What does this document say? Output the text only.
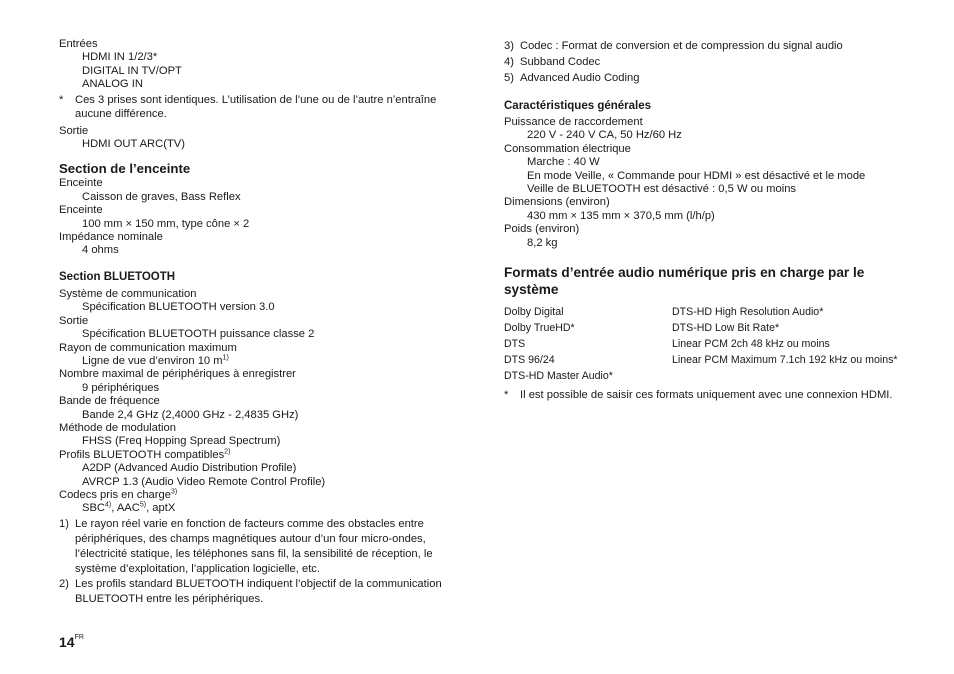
Entrées
HDMI IN 1/2/3*
DIGITAL IN TV/OPT
ANALOG IN
*	Ces 3 prises sont identiques. L’utilisation de l’une ou de l’autre n’entraîne aucune différence.
Sortie
HDMI OUT ARC(TV)
Section de l’enceinte
Enceinte
Caisson de graves, Bass Reflex
Enceinte
100 mm × 150 mm, type cône × 2
Impédance nominale
4 ohms
Section BLUETOOTH
Système de communication
Spécification BLUETOOTH version 3.0
Sortie
Spécification BLUETOOTH puissance classe 2
Rayon de communication maximum
Ligne de vue d’environ 10 $m^{1)}$
Nombre maximal de périphériques à enregistrer
9 périphériques
Bande de fréquence
Bande 2,4 GHz (2,4000 GHz - 2,4835 GHz)
Méthode de modulation
FHSS (Freq Hopping Spread Spectrum)
Profils BLUETOOTH compatibles$^{2)}$
A2DP (Advanced Audio Distribution Profile)
AVRCP 1.3 (Audio Video Remote Control Profile)
Codecs pris en charge$^{3)}$
SBC$^{4)}$, AAC$^{5)}$, aptX
1) Le rayon réel varie en fonction de facteurs comme des obstacles entre périphériques, des champs magnétiques autour d’un four micro-ondes, l’électricité statique, les téléphones sans fil, la sensibilité de réception, le système d’exploitation, l’application logicielle, etc.
2) Les profils standard BLUETOOTH indiquent l’objectif de la communication BLUETOOTH entre les périphériques.
3) Codec : Format de conversion et de compression du signal audio
4) Subband Codec
5) Advanced Audio Coding
Caractéristiques générales
Puissance de raccordement
220 V - 240 V CA, 50 Hz/60 Hz
Consommation électrique
Marche : 40 W
En mode Veille, « Commande pour HDMI » est désactivé et le mode Veille de BLUETOOTH est désactivé : 0,5 W ou moins
Dimensions (environ)
430 mm × 135 mm × 370,5 mm (l/h/p)
Poids (environ)
8,2 kg
Formats d’entrée audio numérique pris en charge par le système
Dolby Digital	DTS-HD High Resolution Audio*
Dolby TrueHD*	DTS-HD Low Bit Rate*
DTS	Linear PCM 2ch 48 kHz ou moins
DTS 96/24	Linear PCM Maximum 7.1ch 192 kHz ou moins*
DTS-HD Master Audio*
*	Il est possible de saisir ces formats uniquement avec une connexion HDMI.
$14^{FR}$
